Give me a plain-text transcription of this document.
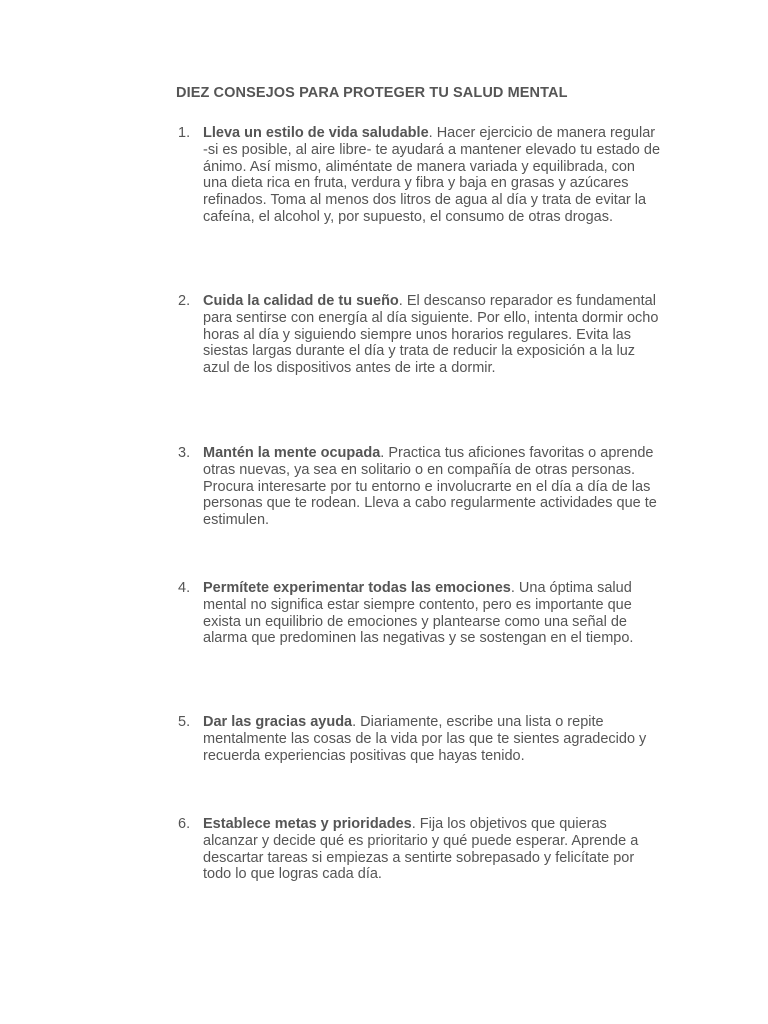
DIEZ CONSEJOS PARA PROTEGER TU SALUD MENTAL
1. Lleva un estilo de vida saludable. Hacer ejercicio de manera regular -si es posible, al aire libre- te ayudará a mantener elevado tu estado de ánimo. Así mismo, aliméntate de manera variada y equilibrada, con una dieta rica en fruta, verdura y fibra y baja en grasas y azúcares refinados. Toma al menos dos litros de agua al día y trata de evitar la cafeína, el alcohol y, por supuesto, el consumo de otras drogas.
2. Cuida la calidad de tu sueño. El descanso reparador es fundamental para sentirse con energía al día siguiente. Por ello, intenta dormir ocho horas al día y siguiendo siempre unos horarios regulares. Evita las siestas largas durante el día y trata de reducir la exposición a la luz azul de los dispositivos antes de irte a dormir.
3. Mantén la mente ocupada. Practica tus aficiones favoritas o aprende otras nuevas, ya sea en solitario o en compañía de otras personas. Procura interesarte por tu entorno e involucrarte en el día a día de las personas que te rodean. Lleva a cabo regularmente actividades que te estimulen.
4. Permítete experimentar todas las emociones. Una óptima salud mental no significa estar siempre contento, pero es importante que exista un equilibrio de emociones y plantearse como una señal de alarma que predominen las negativas y se sostengan en el tiempo.
5. Dar las gracias ayuda. Diariamente, escribe una lista o repite mentalmente las cosas de la vida por las que te sientes agradecido y recuerda experiencias positivas que hayas tenido.
6. Establece metas y prioridades. Fija los objetivos que quieras alcanzar y decide qué es prioritario y qué puede esperar. Aprende a descartar tareas si empiezas a sentirte sobrepasado y felicítate por todo lo que logras cada día.
